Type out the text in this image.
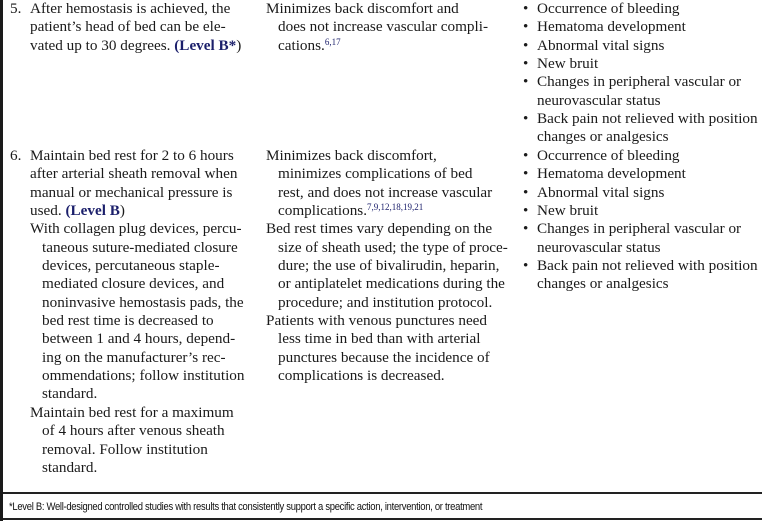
5. After hemostasis is achieved, the
patient’s head of bed can be ele-
vated up to 30 degrees. (Level B*)
Minimizes back discomfort and
does not increase vascular compli-
cations.$^{6,17}$
• Occurrence of bleeding
• Hematoma development
• Abnormal vital signs
• New bruit
• Changes in peripheral vascular or
neurovascular status
• Back pain not relieved with position
changes or analgesics
6. Maintain bed rest for 2 to 6 hours
after arterial sheath removal when
manual or mechanical pressure is
used. (Level B)
With collagen plug devices, percu-
taneous suture-mediated closure
devices, percutaneous staple-
mediated closure devices, and
noninvasive hemostasis pads, the
bed rest time is decreased to
between 1 and 4 hours, depend-
ing on the manufacturer’s rec-
ommendations; follow institution
standard.
Maintain bed rest for a maximum
of 4 hours after venous sheath
removal. Follow institution
standard.
Minimizes back discomfort,
minimizes complications of bed
rest, and does not increase vascular
complications.$^{7,9,12,18,19,21}$
Bed rest times vary depending on the
size of sheath used; the type of proce-
dure; the use of bivalirudin, heparin,
or antiplatelet medications during the
procedure; and institution protocol.
Patients with venous punctures need
less time in bed than with arterial
punctures because the incidence of
complications is decreased.
• Occurrence of bleeding
• Hematoma development
• Abnormal vital signs
• New bruit
• Changes in peripheral vascular or
neurovascular status
• Back pain not relieved with position
changes or analgesics
*Level B: Well-designed controlled studies with results that consistently support a specific action, intervention, or treatment
